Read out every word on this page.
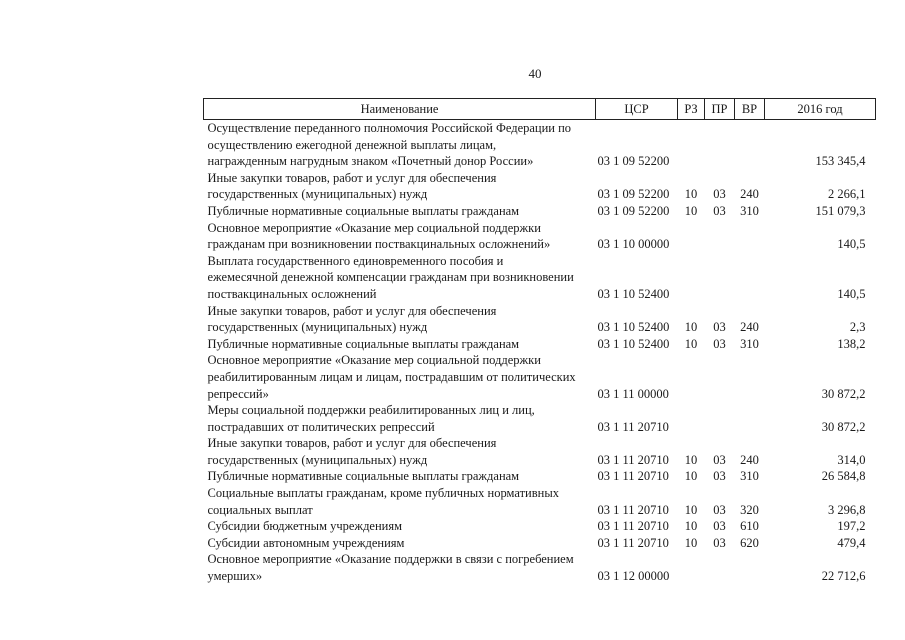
40
Наименование	ЦСР	РЗ	ПР	ВР	2016 год
Осуществление переданного полномочия Российской Федерации по
осуществлению ежегодной денежной выплаты лицам,
награжденным нагрудным знаком «Почетный донор России»	03 1 09 52200				153 345,4
Иные закупки товаров, работ и услуг для обеспечения
государственных (муниципальных) нужд	03 1 09 52200	10	03	240	2 266,1
Публичные нормативные социальные выплаты гражданам	03 1 09 52200	10	03	310	151 079,3
Основное мероприятие «Оказание мер социальной поддержки
гражданам при возникновении поствакцинальных осложнений»	03 1 10 00000				140,5
Выплата государственного единовременного пособия и
ежемесячной денежной компенсации гражданам при возникновении
поствакцинальных осложнений	03 1 10 52400				140,5
Иные закупки товаров, работ и услуг для обеспечения
государственных (муниципальных) нужд	03 1 10 52400	10	03	240	2,3
Публичные нормативные социальные выплаты гражданам	03 1 10 52400	10	03	310	138,2
Основное мероприятие «Оказание мер социальной поддержки
реабилитированным лицам и лицам, пострадавшим от политических
репрессий»	03 1 11 00000				30 872,2
Меры социальной поддержки реабилитированных лиц и лиц,
пострадавших от политических репрессий	03 1 11 20710				30 872,2
Иные закупки товаров, работ и услуг для обеспечения
государственных (муниципальных) нужд	03 1 11 20710	10	03	240	314,0
Публичные нормативные социальные выплаты гражданам	03 1 11 20710	10	03	310	26 584,8
Социальные выплаты гражданам, кроме публичных нормативных
социальных выплат	03 1 11 20710	10	03	320	3 296,8
Субсидии бюджетным учреждениям	03 1 11 20710	10	03	610	197,2
Субсидии автономным учреждениям	03 1 11 20710	10	03	620	479,4
Основное мероприятие «Оказание поддержки в связи с погребением
умерших»	03 1 12 00000				22 712,6
